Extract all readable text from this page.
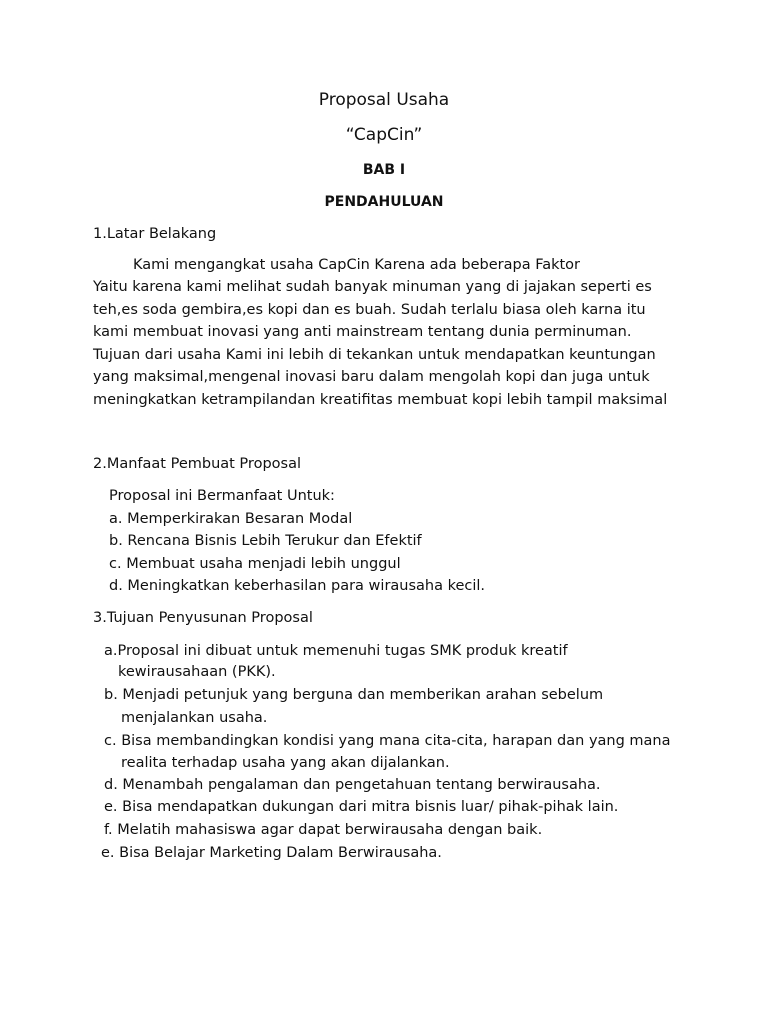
Proposal Usaha
“CapCin”
BAB I
PENDAHULUAN
1.Latar Belakang
Kami mengangkat usaha CapCin Karena ada beberapa Faktor
Yaitu karena kami melihat sudah banyak minuman yang di jajakan seperti es
teh,es soda gembira,es kopi dan es buah. Sudah terlalu biasa oleh karna itu
kami membuat inovasi yang anti mainstream tentang dunia perminuman.
Tujuan dari usaha Kami ini lebih di tekankan untuk mendapatkan keuntungan
yang maksimal,mengenal inovasi baru dalam mengolah kopi dan juga untuk
meningkatkan ketrampilandan kreatifitas membuat kopi lebih tampil maksimal
2.Manfaat Pembuat Proposal
Proposal ini Bermanfaat Untuk:
a. Memperkirakan Besaran Modal
b. Rencana Bisnis Lebih Terukur dan Efektif
c. Membuat usaha menjadi lebih unggul
d. Meningkatkan keberhasilan para wirausaha kecil.
3.Tujuan Penyusunan Proposal
a.Proposal ini dibuat untuk memenuhi tugas SMK produk kreatif
kewirausahaan (PKK).
b. Menjadi petunjuk yang berguna dan memberikan arahan sebelum
menjalankan usaha.
c. Bisa membandingkan kondisi yang mana cita-cita, harapan dan yang mana
realita terhadap usaha yang akan dijalankan.
d. Menambah pengalaman dan pengetahuan tentang berwirausaha.
e. Bisa mendapatkan dukungan dari mitra bisnis luar/ pihak-pihak lain.
f. Melatih mahasiswa agar dapat berwirausaha dengan baik.
e. Bisa Belajar Marketing Dalam Berwirausaha.
